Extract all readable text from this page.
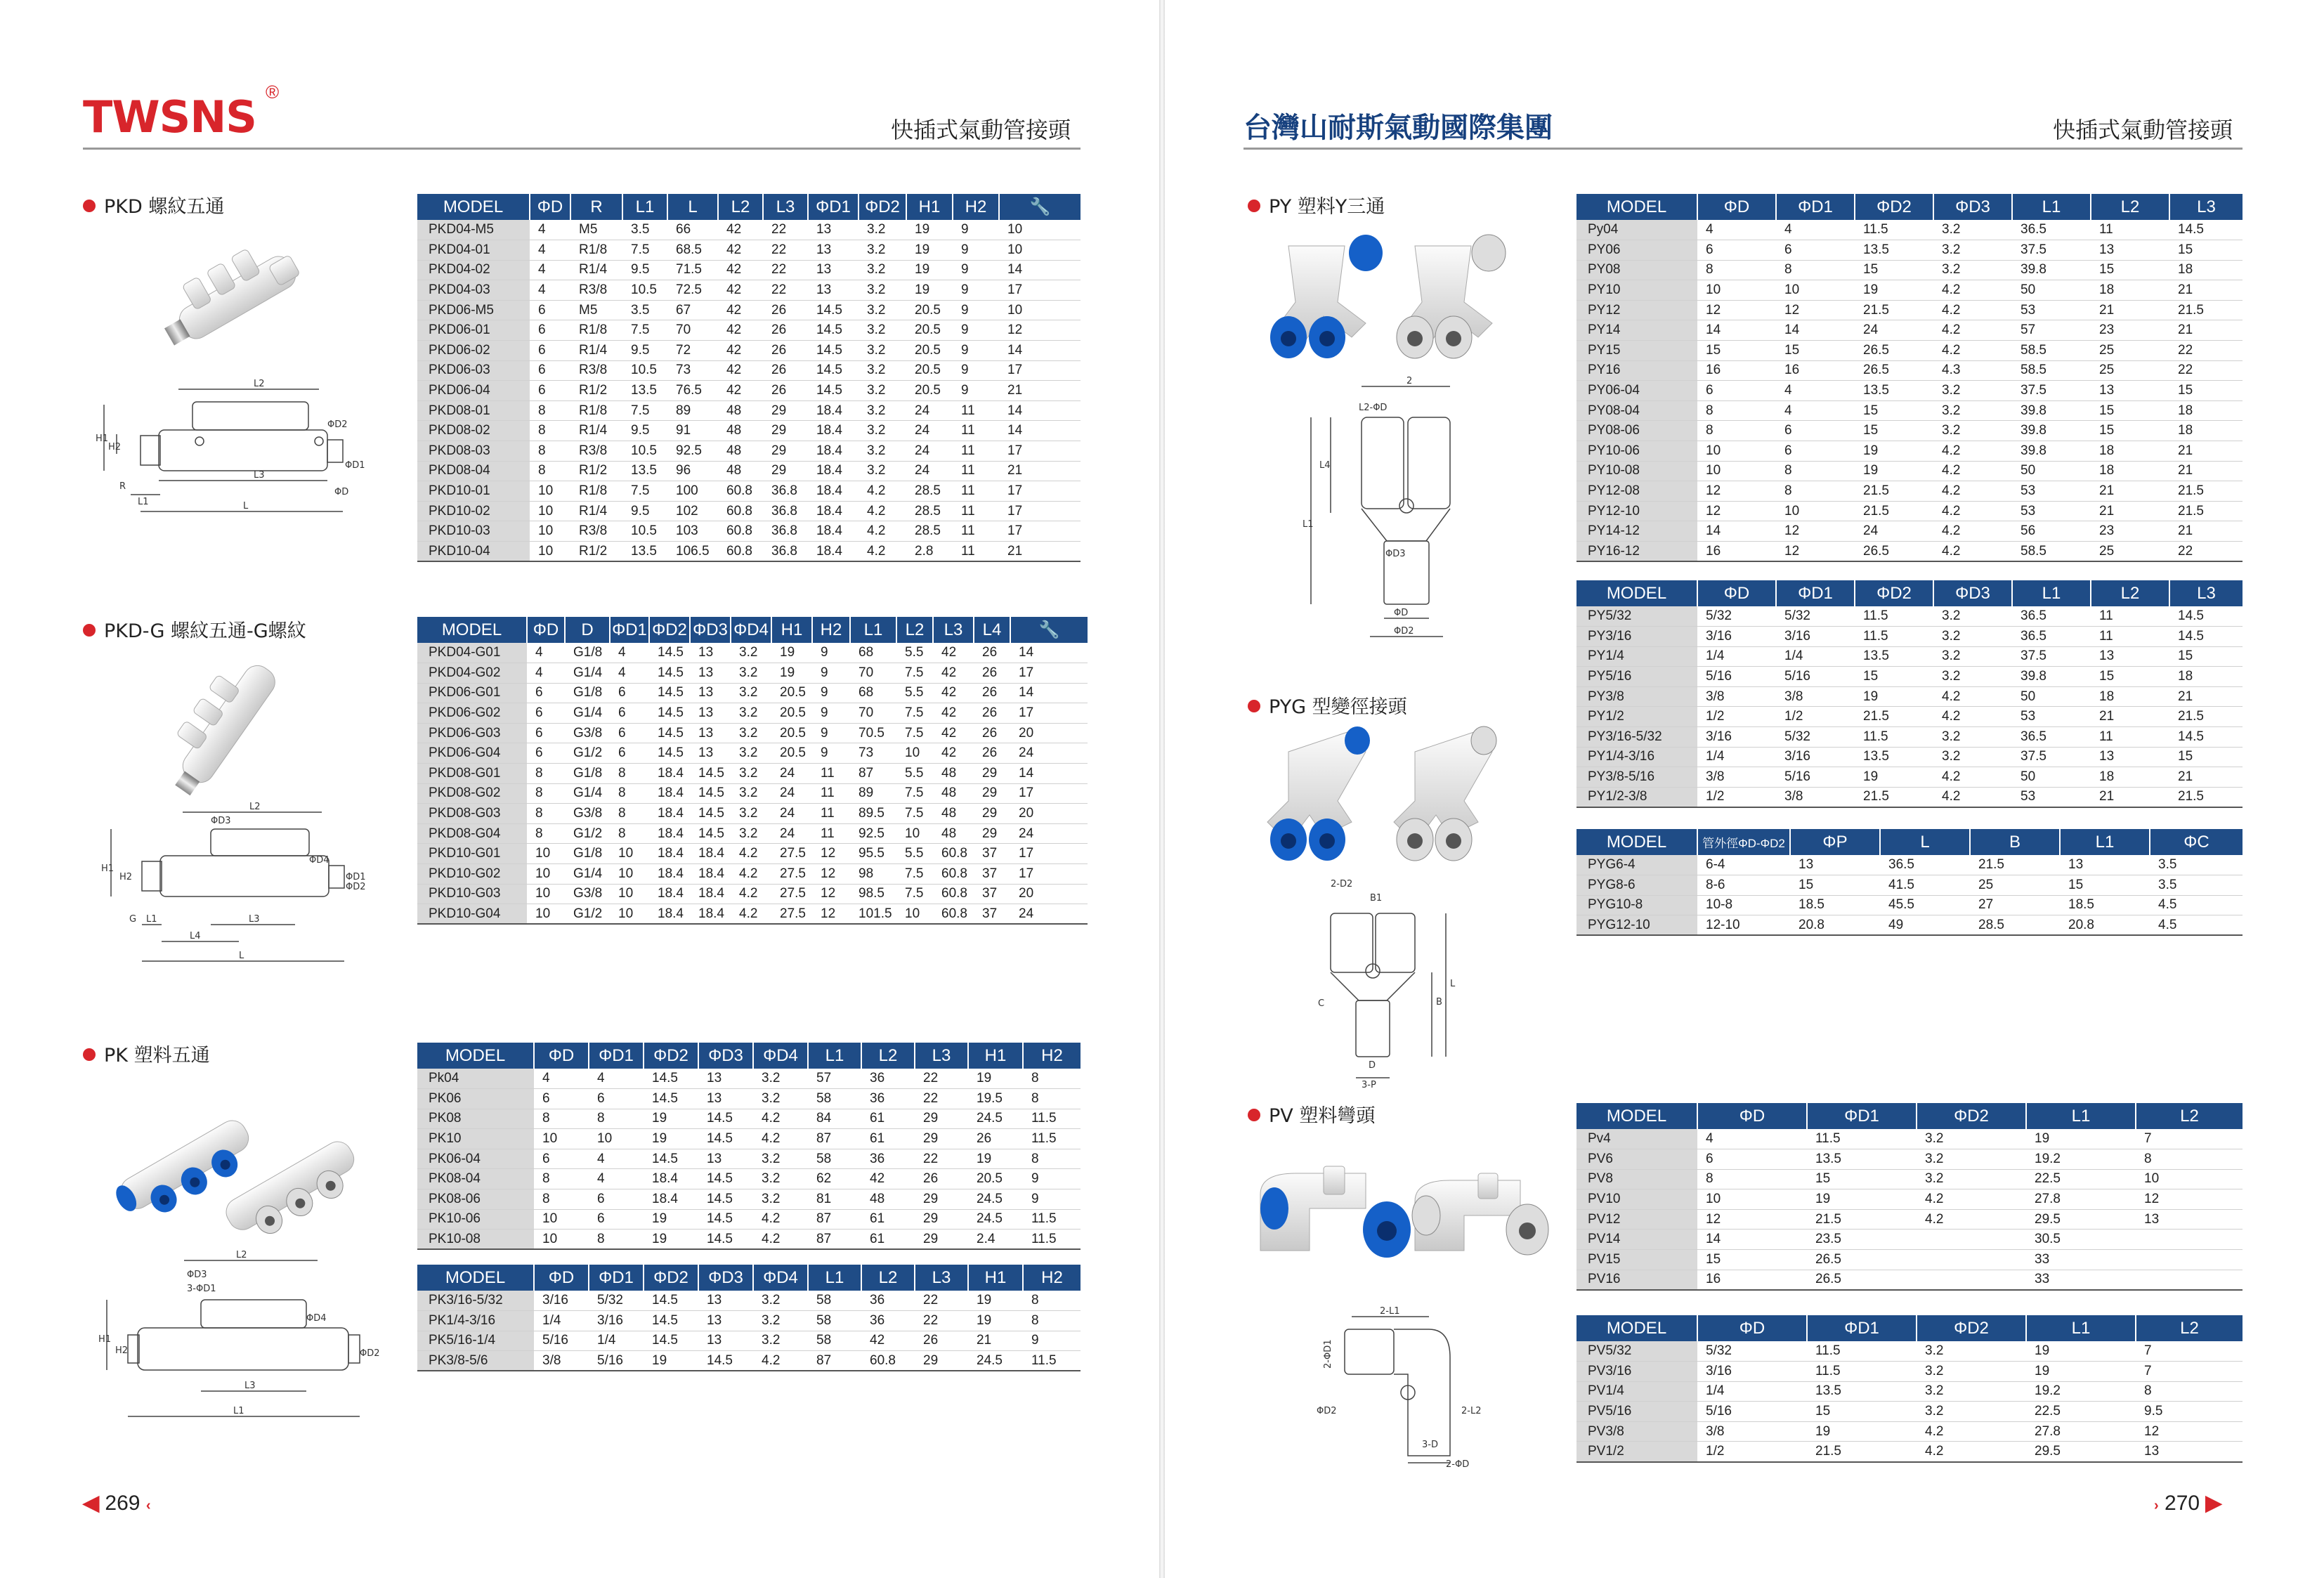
TWSNS ®
快插式氣動管接頭
PKD 螺紋五通
PKD-G 螺紋五通-G螺紋
PK 塑料五通
MODEL	ΦD	R	L1	L	L2	L3	ΦD1	ΦD2	H1	H2	🔧
PKD04-M5	4	M5	3.5	66	42	22	13	3.2	19	9	10
PKD04-01	4	R1/8	7.5	68.5	42	22	13	3.2	19	9	10
PKD04-02	4	R1/4	9.5	71.5	42	22	13	3.2	19	9	14
PKD04-03	4	R3/8	10.5	72.5	42	22	13	3.2	19	9	17
PKD06-M5	6	M5	3.5	67	42	26	14.5	3.2	20.5	9	10
PKD06-01	6	R1/8	7.5	70	42	26	14.5	3.2	20.5	9	12
PKD06-02	6	R1/4	9.5	72	42	26	14.5	3.2	20.5	9	14
PKD06-03	6	R3/8	10.5	73	42	26	14.5	3.2	20.5	9	17
PKD06-04	6	R1/2	13.5	76.5	42	26	14.5	3.2	20.5	9	21
PKD08-01	8	R1/8	7.5	89	48	29	18.4	3.2	24	11	14
PKD08-02	8	R1/4	9.5	91	48	29	18.4	3.2	24	11	14
PKD08-03	8	R3/8	10.5	92.5	48	29	18.4	3.2	24	11	17
PKD08-04	8	R1/2	13.5	96	48	29	18.4	3.2	24	11	21
PKD10-01	10	R1/8	7.5	100	60.8	36.8	18.4	4.2	28.5	11	17
PKD10-02	10	R1/4	9.5	102	60.8	36.8	18.4	4.2	28.5	11	17
PKD10-03	10	R3/8	10.5	103	60.8	36.8	18.4	4.2	28.5	11	17
PKD10-04	10	R1/2	13.5	106.5	60.8	36.8	18.4	4.2	2.8	11	21
MODEL	ΦD	D	ΦD1	ΦD2	ΦD3	ΦD4	H1	H2	L1	L2	L3	L4	🔧
PKD04-G01	4	G1/8	4	14.5	13	3.2	19	9	68	5.5	42	26	14
PKD04-G02	4	G1/4	4	14.5	13	3.2	19	9	70	7.5	42	26	17
PKD06-G01	6	G1/8	6	14.5	13	3.2	20.5	9	68	5.5	42	26	14
PKD06-G02	6	G1/4	6	14.5	13	3.2	20.5	9	70	7.5	42	26	17
PKD06-G03	6	G3/8	6	14.5	13	3.2	20.5	9	70.5	7.5	42	26	20
PKD06-G04	6	G1/2	6	14.5	13	3.2	20.5	9	73	10	42	26	24
PKD08-G01	8	G1/8	8	18.4	14.5	3.2	24	11	87	5.5	48	29	14
PKD08-G02	8	G1/4	8	18.4	14.5	3.2	24	11	89	7.5	48	29	17
PKD08-G03	8	G3/8	8	18.4	14.5	3.2	24	11	89.5	7.5	48	29	20
PKD08-G04	8	G1/2	8	18.4	14.5	3.2	24	11	92.5	10	48	29	24
PKD10-G01	10	G1/8	10	18.4	18.4	4.2	27.5	12	95.5	5.5	60.8	37	17
PKD10-G02	10	G1/4	10	18.4	18.4	4.2	27.5	12	98	7.5	60.8	37	17
PKD10-G03	10	G3/8	10	18.4	18.4	4.2	27.5	12	98.5	7.5	60.8	37	20
PKD10-G04	10	G1/2	10	18.4	18.4	4.2	27.5	12	101.5	10	60.8	37	24
MODEL	ΦD	ΦD1	ΦD2	ΦD3	ΦD4	L1	L2	L3	H1	H2
Pk04	4	4	14.5	13	3.2	57	36	22	19	8
PK06	6	6	14.5	13	3.2	58	36	22	19.5	8
PK08	8	8	19	14.5	4.2	84	61	29	24.5	11.5
PK10	10	10	19	14.5	4.2	87	61	29	26	11.5
PK06-04	6	4	14.5	13	3.2	58	36	22	19	8
PK08-04	8	4	18.4	14.5	3.2	62	42	26	20.5	9
PK08-06	8	6	18.4	14.5	3.2	81	48	29	24.5	9
PK10-06	10	6	19	14.5	4.2	87	61	29	24.5	11.5
PK10-08	10	8	19	14.5	4.2	87	61	29	2.4	11.5
MODEL	ΦD	ΦD1	ΦD2	ΦD3	ΦD4	L1	L2	L3	H1	H2
PK3/16-5/32	3/16	5/32	14.5	13	3.2	58	36	22	19	8
PK1/4-3/16	1/4	3/16	14.5	13	3.2	58	36	22	19	8
PK5/16-1/4	5/16	1/4	14.5	13	3.2	58	42	26	21	9
PK3/8-5/6	3/8	5/16	19	14.5	4.2	87	60.8	29	24.5	11.5
L2
H1
H2
ΦD2
ΦD1
ΦD
R
L1
L3
L
L2
ΦD3
ΦD4
H1
H2
ΦD2
ΦD1
G L1	L3
L4
L
L2
ΦD3
3-ΦD1
ΦD4
H1
H2	ΦD2
L3
L1
◀ 269 ‹
台灣山耐斯氣動國際集團	快插式氣動管接頭
PY 塑料Y三通
PYG 型變徑接頭
PV 塑料彎頭
MODEL	ΦD	ΦD1	ΦD2	ΦD3	L1	L2	L3
Py04	4	4	11.5	3.2	36.5	11	14.5
PY06	6	6	13.5	3.2	37.5	13	15
PY08	8	8	15	3.2	39.8	15	18
PY10	10	10	19	4.2	50	18	21
PY12	12	12	21.5	4.2	53	21	21.5
PY14	14	14	24	4.2	57	23	21
PY15	15	15	26.5	4.2	58.5	25	22
PY16	16	16	26.5	4.3	58.5	25	22
PY06-04	6	4	13.5	3.2	37.5	13	15
PY08-04	8	4	15	3.2	39.8	15	18
PY08-06	8	6	15	3.2	39.8	15	18
PY10-06	10	6	19	4.2	39.8	18	21
PY10-08	10	8	19	4.2	50	18	21
PY12-08	12	8	21.5	4.2	53	21	21.5
PY12-10	12	10	21.5	4.2	53	21	21.5
PY14-12	14	12	24	4.2	56	23	21
PY16-12	16	12	26.5	4.2	58.5	25	22
MODEL	ΦD	ΦD1	ΦD2	ΦD3	L1	L2	L3
PY5/32	5/32	5/32	11.5	3.2	36.5	11	14.5
PY3/16	3/16	3/16	11.5	3.2	36.5	11	14.5
PY1/4	1/4	1/4	13.5	3.2	37.5	13	15
PY5/16	5/16	5/16	15	3.2	39.8	15	18
PY3/8	3/8	3/8	19	4.2	50	18	21
PY1/2	1/2	1/2	21.5	4.2	53	21	21.5
PY3/16-5/32	3/16	5/32	11.5	3.2	36.5	11	14.5
PY1/4-3/16	1/4	3/16	13.5	3.2	37.5	13	15
PY3/8-5/16	3/8	5/16	19	4.2	50	18	21
PY1/2-3/8	1/2	3/8	21.5	4.2	53	21	21.5
MODEL	管外徑ΦD-ΦD2	ΦP	L	B	L1	ΦC
PYG6-4	6-4	13	36.5	21.5	13	3.5
PYG8-6	8-6	15	41.5	25	15	3.5
PYG10-8	10-8	18.5	45.5	27	18.5	4.5
PYG12-10	12-10	20.8	49	28.5	20.8	4.5
MODEL	ΦD	ΦD1	ΦD2	L1	L2
Pv4	4	11.5	3.2	19	7
PV6	6	13.5	3.2	19.2	8
PV8	8	15	3.2	22.5	10
PV10	10	19	4.2	27.8	12
PV12	12	21.5	4.2	29.5	13
PV14	14	23.5		30.5	
PV15	15	26.5		33	
PV16	16	26.5		33	
MODEL	ΦD	ΦD1	ΦD2	L1	L2
PV5/32	5/32	11.5	3.2	19	7
PV3/16	3/16	11.5	3.2	19	7
PV1/4	1/4	13.5	3.2	19.2	8
PV5/16	5/16	15	3.2	22.5	9.5
PV3/8	3/8	19	4.2	27.8	12
PV1/2	1/2	21.5	4.2	29.5	13
2
L2-ΦD
L4
L1
ΦD3
ΦD
ΦD2
2-D2
B1
L
B
C
D
3-P
2-L1
2-ΦD1
ΦD2	2-L2
3-D
2-ΦD
› 270 ▶
